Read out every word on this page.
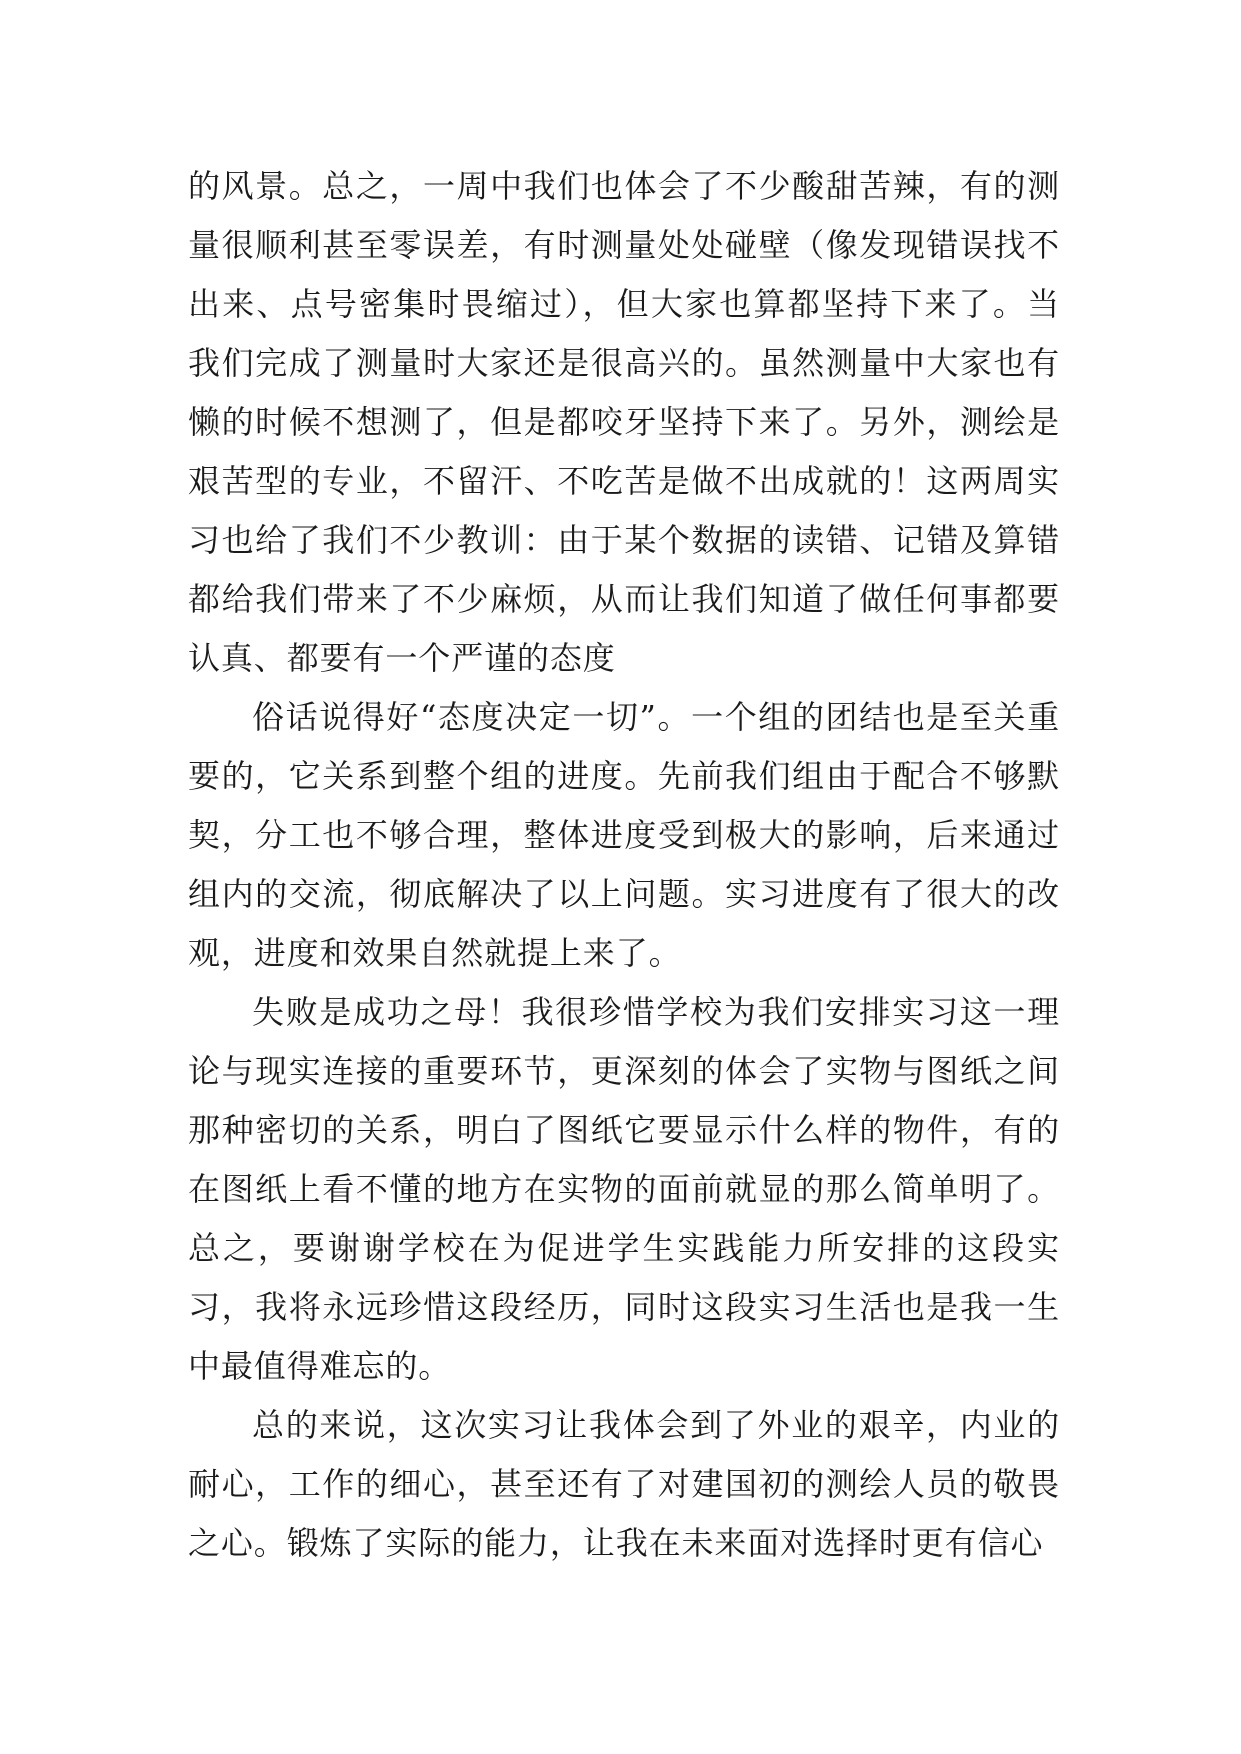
的风景。总之，一周中我们也体会了不少酸甜苦辣，有的测量很顺利甚至零误差，有时测量处处碰壁（像发现错误找不出来、点号密集时畏缩过），但大家也算都坚持下来了。当我们完成了测量时大家还是很高兴的。虽然测量中大家也有懒的时候不想测了，但是都咬牙坚持下来了。另外，测绘是艰苦型的专业，不留汗、不吃苦是做不出成就的！这两周实习也给了我们不少教训：由于某个数据的读错、记错及算错都给我们带来了不少麻烦，从而让我们知道了做任何事都要认真、都要有一个严谨的态度

俗话说得好“态度决定一切”。一个组的团结也是至关重要的，它关系到整个组的进度。先前我们组由于配合不够默契，分工也不够合理，整体进度受到极大的影响，后来通过组内的交流，彻底解决了以上问题。实习进度有了很大的改观，进度和效果自然就提上来了。

失败是成功之母！我很珍惜学校为我们安排实习这一理论与现实连接的重要环节，更深刻的体会了实物与图纸之间那种密切的关系，明白了图纸它要显示什么样的物件，有的在图纸上看不懂的地方在实物的面前就显的那么简单明了。总之，要谢谢学校在为促进学生实践能力所安排的这段实习，我将永远珍惜这段经历，同时这段实习生活也是我一生中最值得难忘的。

总的来说，这次实习让我体会到了外业的艰辛，内业的耐心，工作的细心，甚至还有了对建国初的测绘人员的敬畏之心。锻炼了实际的能力，让我在未来面对选择时更有信心
